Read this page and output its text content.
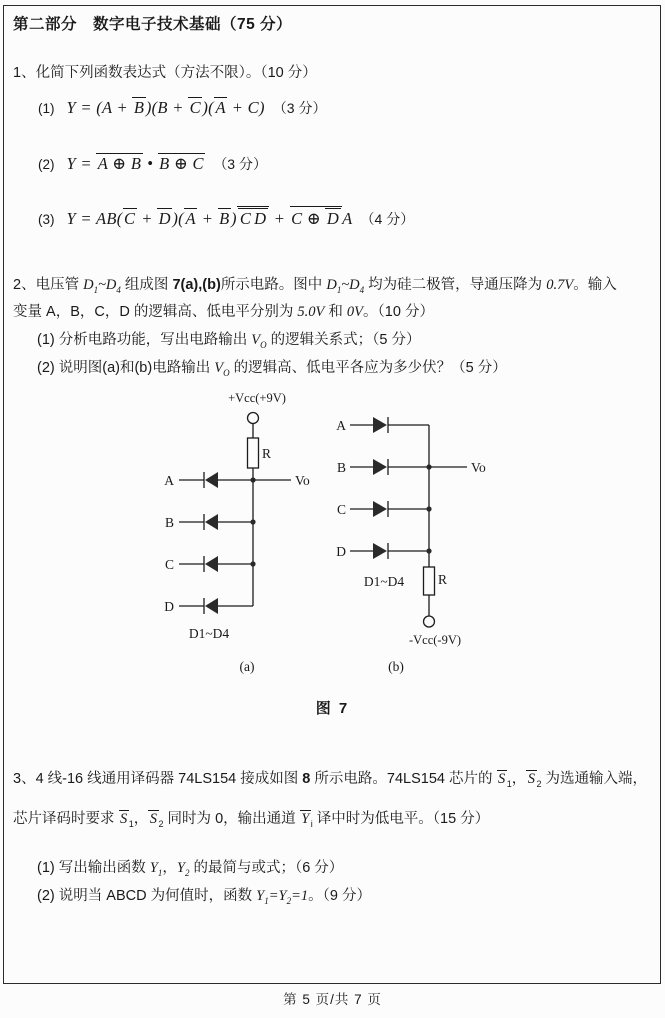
第二部分　数字电子技术基础（75 分）
1、化简下列函数表达式（方法不限）。（10 分）
(1) Y = (A + B)(B + C)(A + C) （3 分）
(2) Y = A ⊕ B • B ⊕ C （3 分）
(3) Y = AB(C + D)(A + B) C D + C ⊕ D A （4 分）
2、电压管 $D_1\sim D_4$ 组成图 7(a),(b)所示电路。图中 $D_1\sim D_4$ 均为硅二极管，导通压降为 0.7V。输入
变量 A，B，C，D 的逻辑高、低电平分别为 5.0V 和 0V。（10 分）
(1) 分析电路功能，写出电路输出 $V_O$ 的逻辑关系式；（5 分）
(2) 说明图(a)和(b)电路输出 $V_O$ 的逻辑高、低电平各应为多少伏？（5 分）
+Vcc(+9V)
R
A
B
C
D
Vo
D1~D4
(a)
A
B
C
D
Vo
R
-Vcc(-9V)
D1~D4
(b)
图 7
3、4 线-16 线通用译码器 74LS154 接成如图 8 所示电路。74LS154 芯片的 S $_1$， S $_2$ 为选通输入端，
芯片译码时要求 S $_1$， S $_2$ 同时为 0，输出通道 Y $_i$ 译中时为低电平。（15 分）
(1) 写出输出函数 $Y_1$，$Y_2$ 的最简与或式；（6 分）
(2) 说明当 ABCD 为何值时，函数 $Y_1=Y_2=1$。（9 分）
第 5 页/共 7 页
